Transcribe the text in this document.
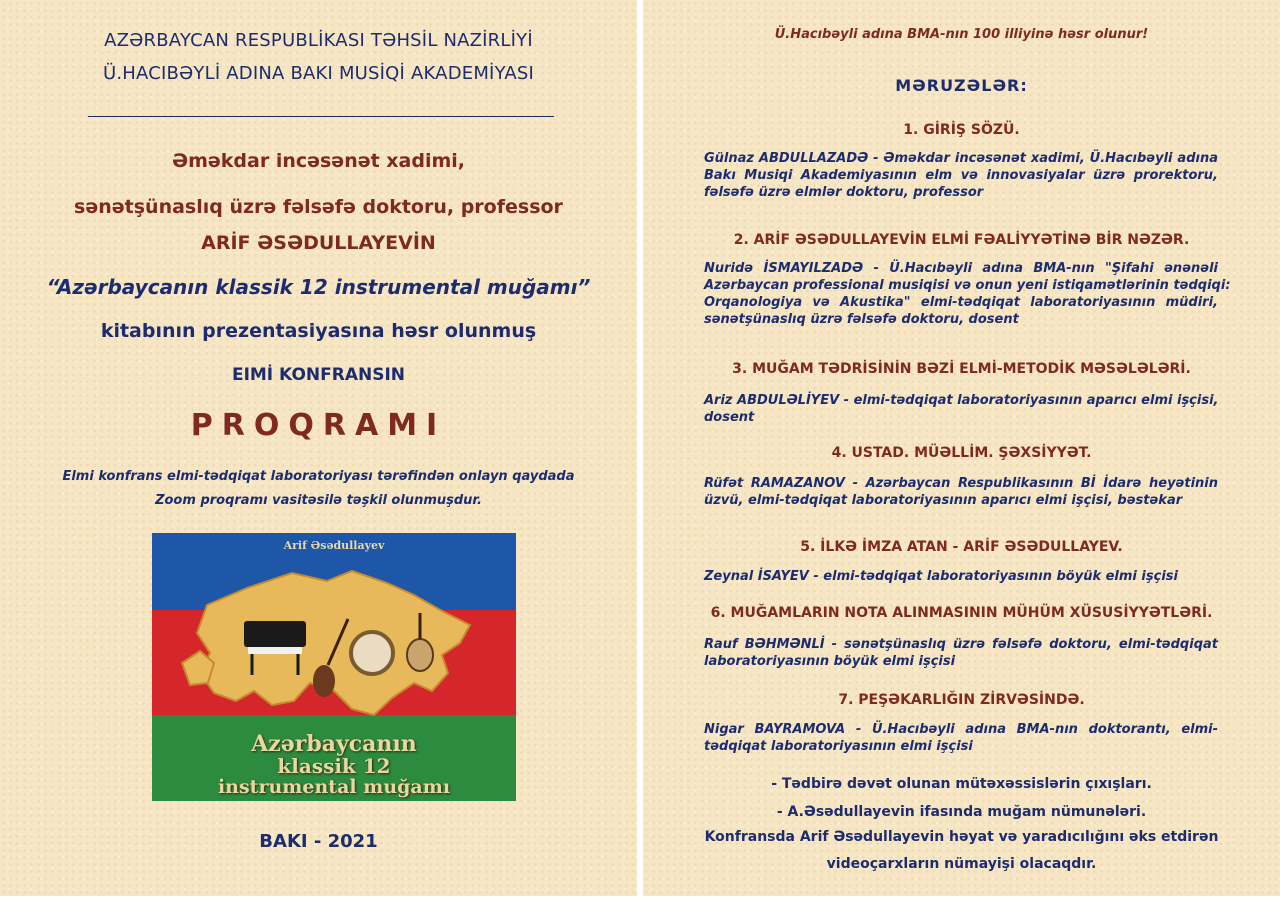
AZƏRBAYCAN RESPUBLİKASI TƏHSİL NAZİRLİYİ
Ü.HACIBƏYLİ ADINA BAKI MUSİQİ AKADEMİYASI
Əməkdar incəsənət xadimi,
sənətşünaslıq üzrə fəlsəfə doktoru, professor
ARİF ƏSƏDULLAYEVİN
“Azərbaycanın klassik 12 instrumental muğamı”
kitabının prezentasiyasına həsr olunmuş
EIMİ KONFRANSIN
PROQRAMI
Elmi konfrans elmi-tədqiqat laboratoriyası tərəfindən onlayn qaydada
Zoom proqramı vasitəsilə təşkil olunmuşdur.
Arif Əsədullayev
Azərbaycanın
klassik 12
instrumental muğamı
BAKI - 2021
Ü.Hacıbəyli adına BMA-nın 100 illiyinə həsr olunur!
MƏRUZƏLƏR:
1. GİRİŞ SÖZÜ.
Gülnaz ABDULLAZADƏ - Əməkdar incəsənət xadimi, Ü.Hacıbəyli adına
Bakı Musiqi Akademiyasının elm və innovasiyalar üzrə prorektoru,
fəlsəfə üzrə elmlər doktoru, professor
2. ARİF ƏSƏDULLAYEVİN ELMİ FƏALİYYƏTİNƏ BİR NƏZƏR.
Nuridə İSMAYILZADƏ - Ü.Hacıbəyli adına BMA-nın "Şifahi ənənəli
Azərbaycan professional musiqisi və onun yeni istiqamətlərinin tədqiqi:
Orqanologiya və Akustika" elmi-tədqiqat laboratoriyasının müdiri,
sənətşünaslıq üzrə fəlsəfə doktoru, dosent
3. MUĞAM TƏDRİSİNİN BƏZİ ELMİ-METODİK MƏSƏLƏLƏRİ.
Ariz ABDULƏLİYEV - elmi-tədqiqat laboratoriyasının aparıcı elmi işçisi,
dosent
4. USTAD. MÜƏLLİM. ŞƏXSİYYƏT.
Rüfət RAMAZANOV - Azərbaycan Respublikasının Bİ İdarə heyətinin
üzvü, elmi-tədqiqat laboratoriyasının aparıcı elmi işçisi, bəstəkar
5. İLKƏ İMZA ATAN - ARİF ƏSƏDULLAYEV.
Zeynal İSAYEV - elmi-tədqiqat laboratoriyasının böyük elmi işçisi
6. MUĞAMLARIN NOTA ALINMASININ MÜHÜM XÜSUSİYYƏTLƏRİ.
Rauf BƏHMƏNLİ - sənətşünaslıq üzrə fəlsəfə doktoru, elmi-tədqiqat
laboratoriyasının böyük elmi işçisi
7. PEŞƏKARLIĞIN ZİRVƏSİNDƏ.
Nigar BAYRAMOVA - Ü.Hacıbəyli adına BMA-nın doktorantı, elmi-
tədqiqat laboratoriyasının elmi işçisi
- Tədbirə dəvət olunan mütəxəssislərin çıxışları.
- A.Əsədullayevin ifasında muğam nümunələri.
Konfransda Arif Əsədullayevin həyat və yaradıcılığını əks etdirən
videoçarxların nümayişi olacaqdır.
